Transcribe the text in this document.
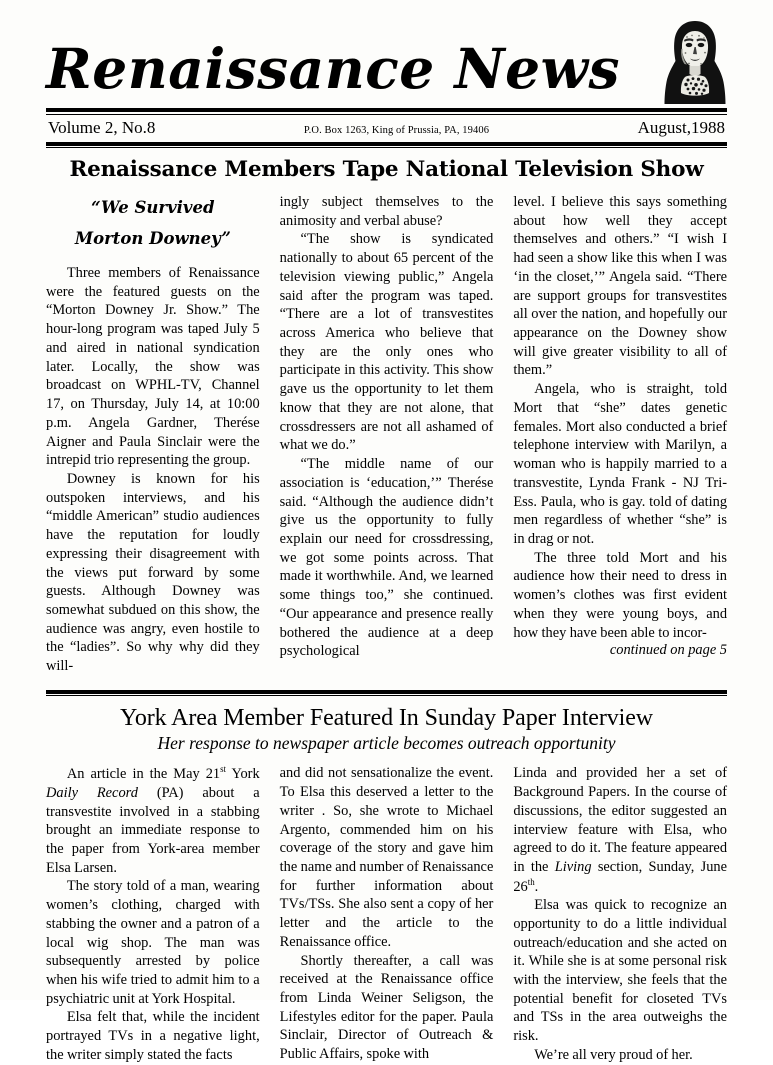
Renaissance News
Volume 2, No.8	P.O. Box 1263, King of Prussia, PA, 19406	August,1988
Renaissance Members Tape National Television Show
“We Survived
Morton Downey”

Three members of Renaissance were the featured guests on the “Morton Downey Jr. Show.” The hour-long program was taped July 5 and aired in national syndication later. Locally, the show was broadcast on WPHL-TV, Channel 17, on Thursday, July 14, at 10:00 p.m. Angela Gardner, Therése Aigner and Paula Sinclair were the intrepid trio representing the group.

Downey is known for his outspoken interviews, and his “middle American” studio audiences have the reputation for loudly expressing their disagreement with the views put forward by some guests. Although Downey was somewhat subdued on this show, the audience was angry, even hostile to the “ladies”. So why why did they will-

ingly subject themselves to the animosity and verbal abuse?

“The show is syndicated nationally to about 65 percent of the television viewing public,” Angela said after the program was taped. “There are a lot of transvestites across America who believe that they are the only ones who participate in this activity. This show gave us the opportunity to let them know that they are not alone, that crossdressers are not all ashamed of what we do.”

“The middle name of our association is ‘education,’” Therése said. “Although the audience didn’t give us the opportunity to fully explain our need for crossdressing, we got some points across. That made it worthwhile. And, we learned some things too,” she continued. “Our appearance and presence really bothered the audience at a deep psychological

level. I believe this says something about how well they accept themselves and others.” “I wish I had seen a show like this when I was ‘in the closet,’” Angela said. “There are support groups for transvestites all over the nation, and hopefully our appearance on the Downey show will give greater visibility to all of them.”

Angela, who is straight, told Mort that “she” dates genetic females. Mort also conducted a brief telephone interview with Marilyn, a woman who is happily married to a transvestite, Lynda Frank - NJ Tri-Ess. Paula, who is gay. told of dating men regardless of whether “she” is in drag or not.

The three told Mort and his audience how their need to dress in women’s clothes was first evident when they were young boys, and how they have been able to incor-

continued on page 5

York Area Member Featured In Sunday Paper Interview
Her response to newspaper article becomes outreach opportunity

An article in the May 21st York Daily Record (PA) about a transvestite involved in a stabbing brought an immediate response to the paper from York-area member Elsa Larsen.

The story told of a man, wearing women’s clothing, charged with stabbing the owner and a patron of a local wig shop. The man was subsequently arrested by police when his wife tried to admit him to a psychiatric unit at York Hospital.

Elsa felt that, while the incident portrayed TVs in a negative light, the writer simply stated the facts

and did not sensationalize the event. To Elsa this deserved a letter to the writer . So, she wrote to Michael Argento, commended him on his coverage of the story and gave him the name and number of Renaissance for further information about TVs/TSs. She also sent a copy of her letter and the article to the Renaissance office.

Shortly thereafter, a call was received at the Renaissance office from Linda Weiner Seligson, the Lifestyles editor for the paper. Paula Sinclair, Director of Outreach & Public Affairs, spoke with

Linda and provided her a set of Background Papers. In the course of discussions, the editor suggested an interview feature with Elsa, who agreed to do it. The feature appeared in the Living section, Sunday, June 26th.

Elsa was quick to recognize an opportunity to do a little individual outreach/education and she acted on it. While she is at some personal risk with the interview, she feels that the potential benefit for closeted TVs and TSs in the area outweighs the risk.

We’re all very proud of her.
